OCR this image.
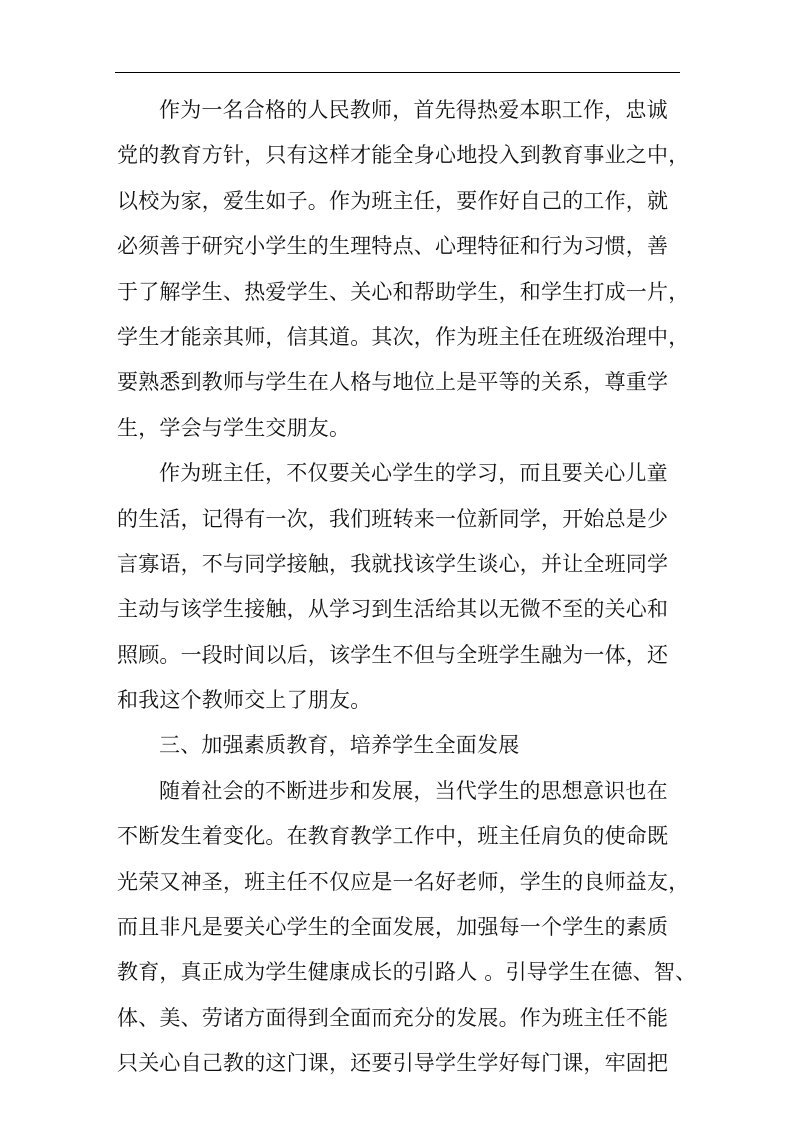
作为一名合格的人民教师，首先得热爱本职工作，忠诚
党的教育方针，只有这样才能全身心地投入到教育事业之中，
以校为家，爱生如子。作为班主任，要作好自己的工作，就
必须善于研究小学生的生理特点、心理特征和行为习惯，善
于了解学生、热爱学生、关心和帮助学生，和学生打成一片，
学生才能亲其师，信其道。其次，作为班主任在班级治理中，
要熟悉到教师与学生在人格与地位上是平等的关系，尊重学
生，学会与学生交朋友。
作为班主任，不仅要关心学生的学习，而且要关心儿童
的生活，记得有一次，我们班转来一位新同学，开始总是少
言寡语，不与同学接触，我就找该学生谈心，并让全班同学
主动与该学生接触，从学习到生活给其以无微不至的关心和
照顾。一段时间以后，该学生不但与全班学生融为一体，还
和我这个教师交上了朋友。
三、加强素质教育，培养学生全面发展
随着社会的不断进步和发展，当代学生的思想意识也在
不断发生着变化。在教育教学工作中，班主任肩负的使命既
光荣又神圣，班主任不仅应是一名好老师，学生的良师益友，
而且非凡是要关心学生的全面发展，加强每一个学生的素质
教育，真正成为学生健康成长的引路人 。引导学生在德、智、
体、美、劳诸方面得到全面而充分的发展。作为班主任不能
只关心自己教的这门课，还要引导学生学好每门课，牢固把
